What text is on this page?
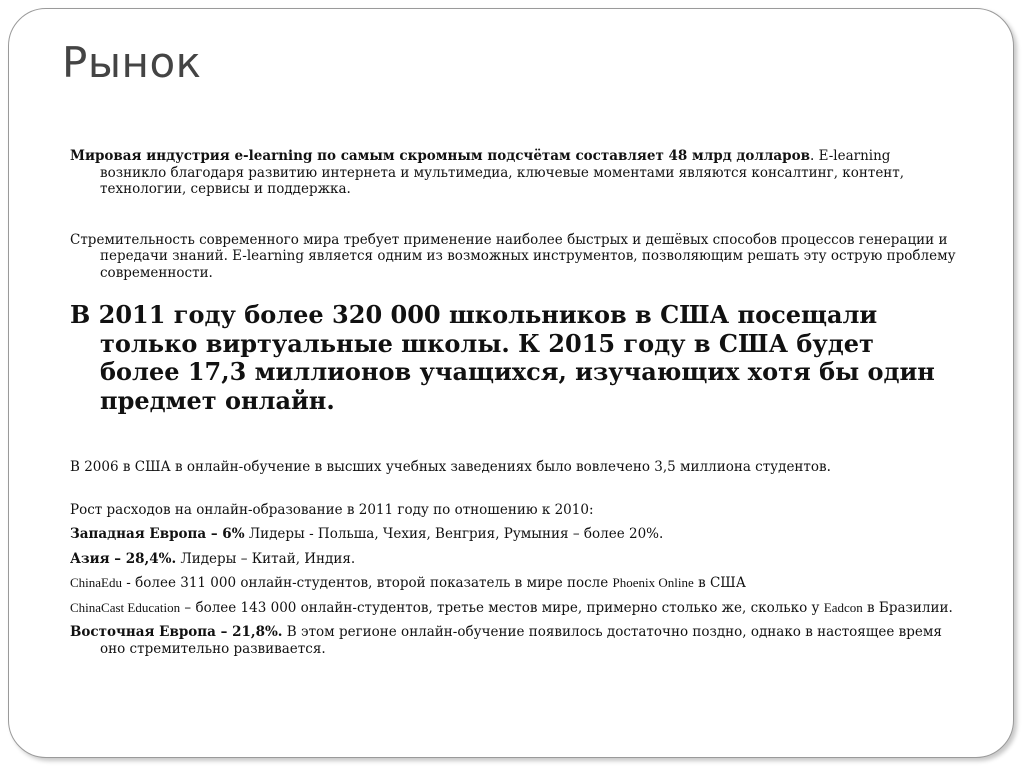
Рынок

Мировая индустрия e-learning по самым скромным подсчётам составляет 48 млрд долларов. E-learning возникло благодаря развитию интернета и мультимедиа, ключевые моментами являются консалтинг, контент, технологии, сервисы и поддержка.

Стремительность современного мира требует применение наиболее быстрых и дешёвых способов процессов генерации и передачи знаний. E-learning является одним из возможных инструментов, позволяющим решать эту острую проблему современности.

В 2011 году более 320 000 школьников в США посещали только виртуальные школы. К 2015 году в США будет более 17,3 миллионов учащихся, изучающих хотя бы один предмет онлайн.

В 2006 в США в онлайн-обучение в высших учебных заведениях было вовлечено 3,5 миллиона студентов.

Рост расходов на онлайн-образование в 2011 году по отношению к 2010:

Западная Европа – 6% Лидеры - Польша, Чехия, Венгрия, Румыния – более 20%.

Азия – 28,4%. Лидеры – Китай, Индия.

ChinaEdu - более 311 000 онлайн-студентов, второй показатель в мире после Phoenix Online в США

ChinaCast Education – более 143 000 онлайн-студентов, третье местов мире, примерно столько же, сколько у Eadcon в Бразилии.

Восточная Европа – 21,8%. В этом регионе онлайн-обучение появилось достаточно поздно, однако в настоящее время оно стремительно развивается.
